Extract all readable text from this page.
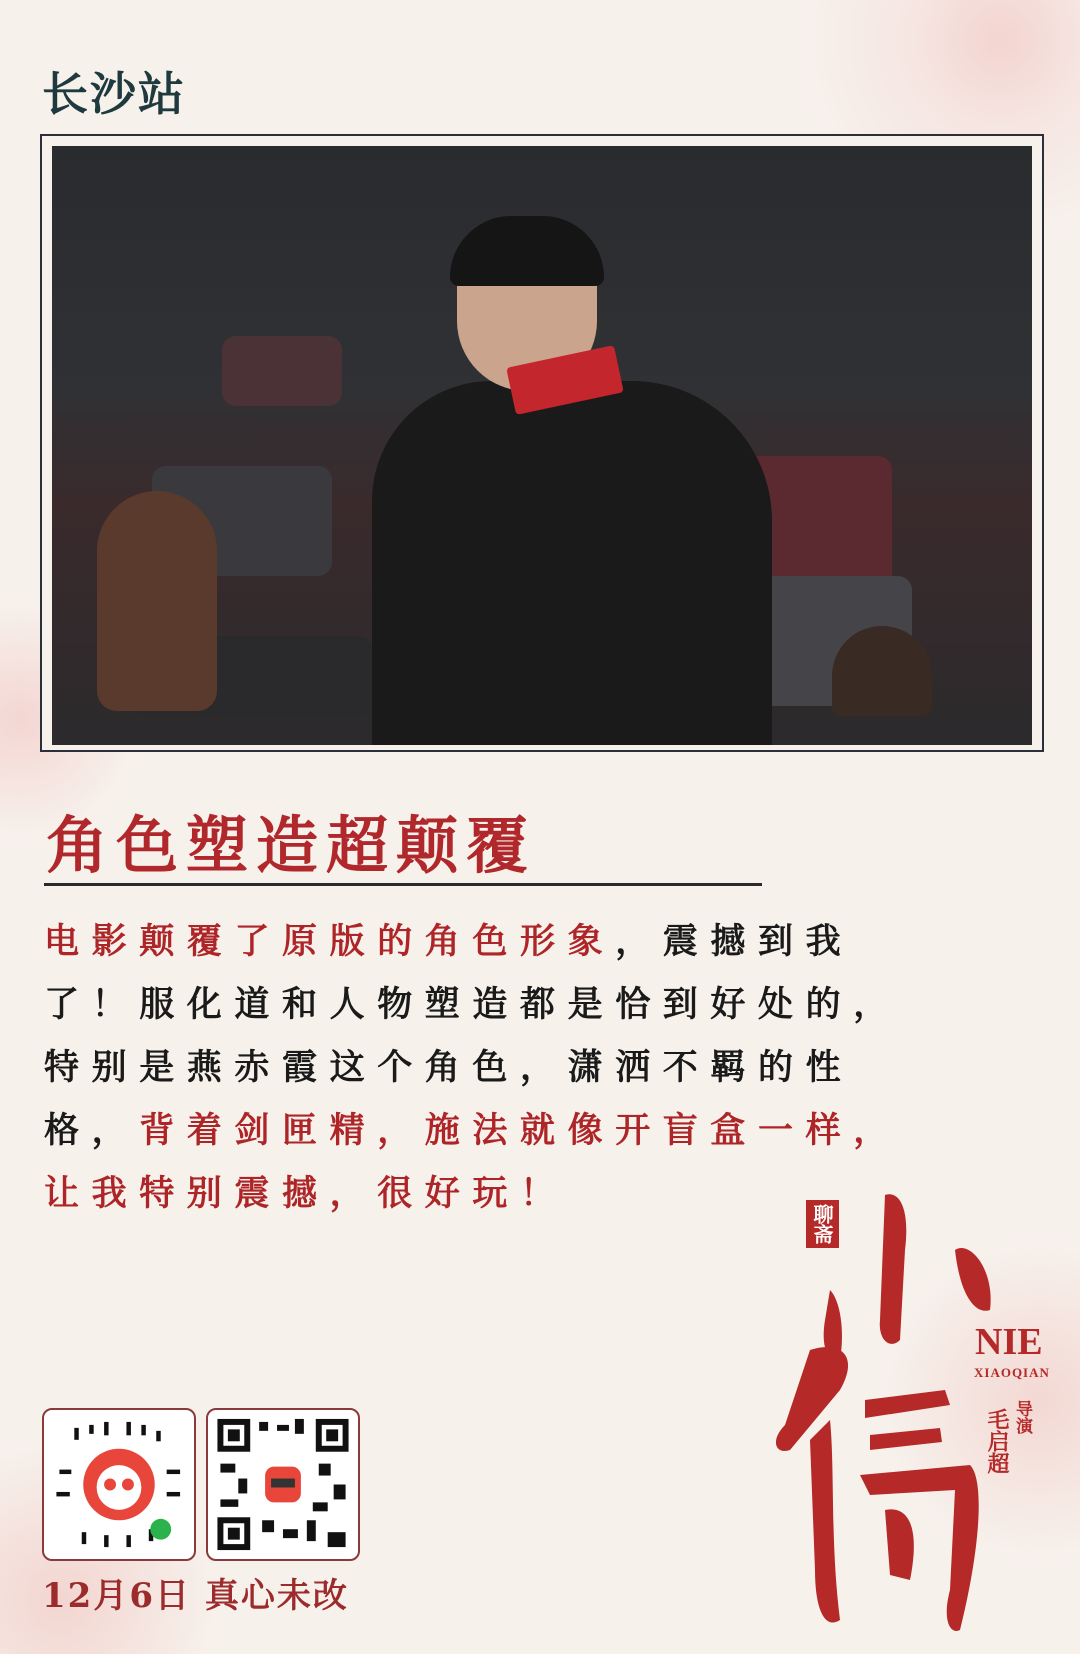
长沙站
角色塑造超颠覆
电影颠覆了原版的角色形象，震撼到我了！服化道和人物塑造都是恰到好处的，特别是燕赤霞这个角色，潇洒不羁的性格，背着剑匣精，施法就像开盲盒一样，让我特别震撼，很好玩！
12月6日 真心未改
聊斋
NIE
XIAOQIAN
导演
毛启超
